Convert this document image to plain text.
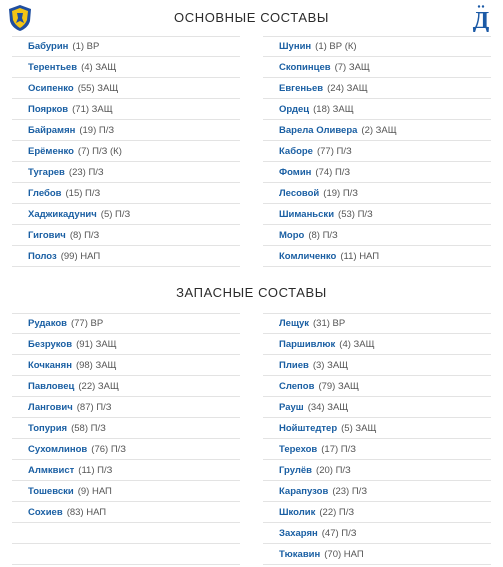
ОСНОВНЫЕ СОСТАВЫ	Д
Бабурин (1) ВР
Терентьев (4) ЗАЩ
Осипенко (55) ЗАЩ
Поярков (71) ЗАЩ
Байрамян (19) П/З
Ерёменко (7) П/З (К)
Тугарев (23) П/З
Глебов (15) П/З
Хаджикадунич (5) П/З
Гигович (8) П/З
Полоз (99) НАП
Шунин (1) ВР (К)
Скопинцев (7) ЗАЩ
Евгеньев (24) ЗАЩ
Ордец (18) ЗАЩ
Варела Оливера (2) ЗАЩ
Каборе (77) П/З
Фомин (74) П/З
Лесовой (19) П/З
Шиманьски (53) П/З
Моро (8) П/З
Комличенко (11) НАП
ЗАПАСНЫЕ СОСТАВЫ
Рудаков (77) ВР
Безруков (91) ЗАЩ
Кочканян (98) ЗАЩ
Павловец (22) ЗАЩ
Лангович (87) П/З
Топурия (58) П/З
Сухомлинов (76) П/З
Алмквист (11) П/З
Тошевски (9) НАП
Сохиев (83) НАП
Лещук (31) ВР
Паршивлюк (4) ЗАЩ
Плиев (3) ЗАЩ
Слепов (79) ЗАЩ
Рауш (34) ЗАЩ
Нойштедтер (5) ЗАЩ
Терехов (17) П/З
Грулёв (20) П/З
Карапузов (23) П/З
Школик (22) П/З
Захарян (47) П/З
Тюкавин (70) НАП
